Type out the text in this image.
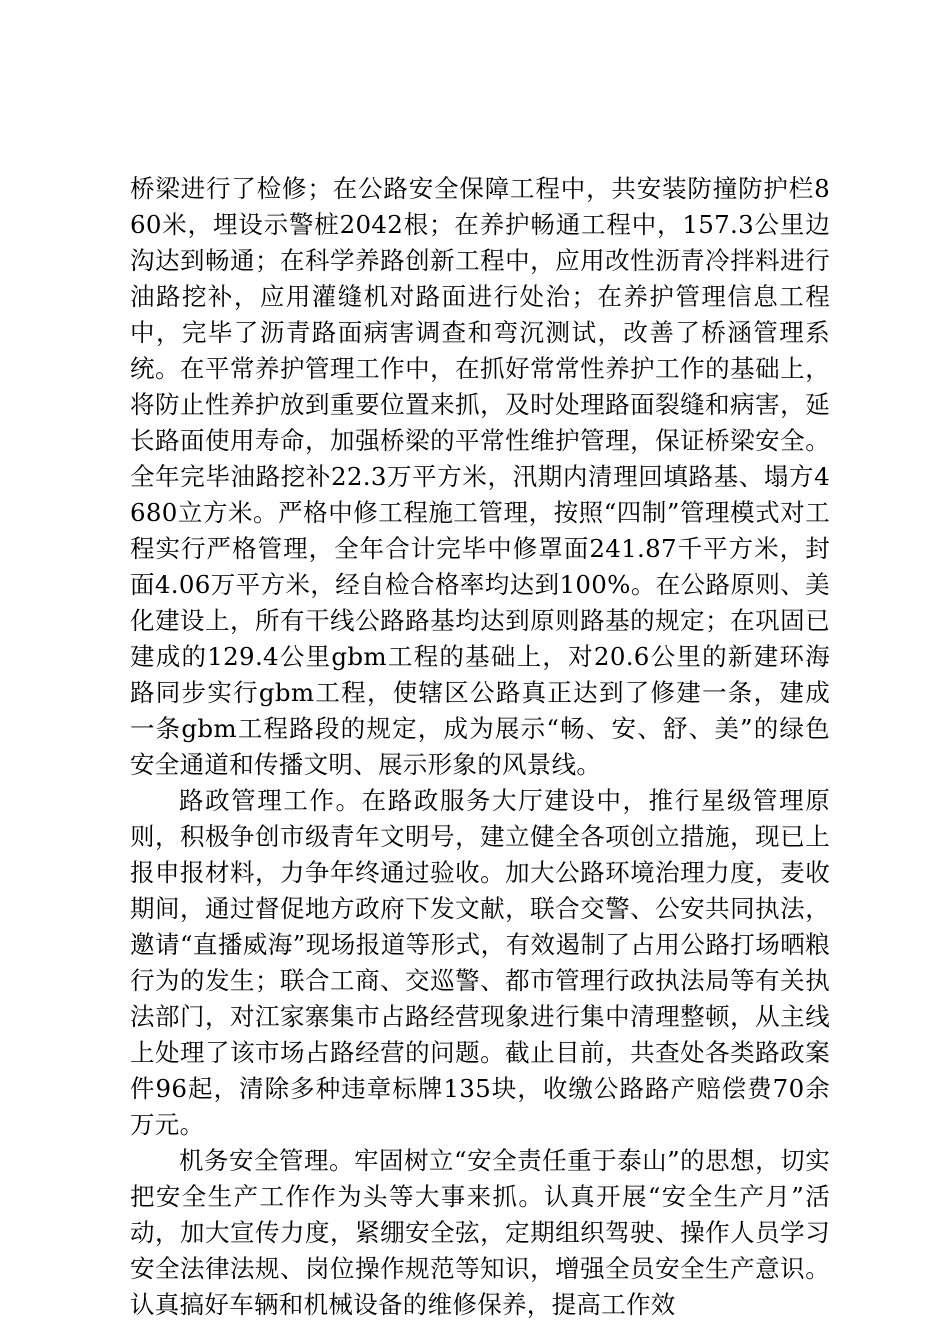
桥梁进行了检修；在公路安全保障工程中，共安装防撞防护栏860米，埋设示警桩2042根；在养护畅通工程中，157.3公里边沟达到畅通；在科学养路创新工程中，应用改性沥青冷拌料进行油路挖补，应用灌缝机对路面进行处治；在养护管理信息工程中，完毕了沥青路面病害调查和弯沉测试，改善了桥涵管理系统。在平常养护管理工作中，在抓好常常性养护工作的基础上，将防止性养护放到重要位置来抓，及时处理路面裂缝和病害，延长路面使用寿命，加强桥梁的平常性维护管理，保证桥梁安全。全年完毕油路挖补22.3万平方米，汛期内清理回填路基、塌方4680立方米。严格中修工程施工管理，按照“四制”管理模式对工程实行严格管理，全年合计完毕中修罩面241.87千平方米，封面4.06万平方米，经自检合格率均达到100%。在公路原则、美化建设上，所有干线公路路基均达到原则路基的规定；在巩固已建成的129.4公里gbm工程的基础上，对20.6公里的新建环海路同步实行gbm工程，使辖区公路真正达到了修建一条，建成一条gbm工程路段的规定，成为展示“畅、安、舒、美”的绿色安全通道和传播文明、展示形象的风景线。

路政管理工作。在路政服务大厅建设中，推行星级管理原则，积极争创市级青年文明号，建立健全各项创立措施，现已上报申报材料，力争年终通过验收。加大公路环境治理力度，麦收期间，通过督促地方政府下发文献，联合交警、公安共同执法，邀请“直播威海”现场报道等形式，有效遏制了占用公路打场晒粮行为的发生；联合工商、交巡警、都市管理行政执法局等有关执法部门，对江家寨集市占路经营现象进行集中清理整顿，从主线上处理了该市场占路经营的问题。截止目前，共查处各类路政案件96起，清除多种违章标牌135块，收缴公路路产赔偿费70余万元。

机务安全管理。牢固树立“安全责任重于泰山”的思想，切实把安全生产工作作为头等大事来抓。认真开展“安全生产月”活动，加大宣传力度，紧绷安全弦，定期组织驾驶、操作人员学习安全法律法规、岗位操作规范等知识，增强全员安全生产意识。认真搞好车辆和机械设备的维修保养，提高工作效
